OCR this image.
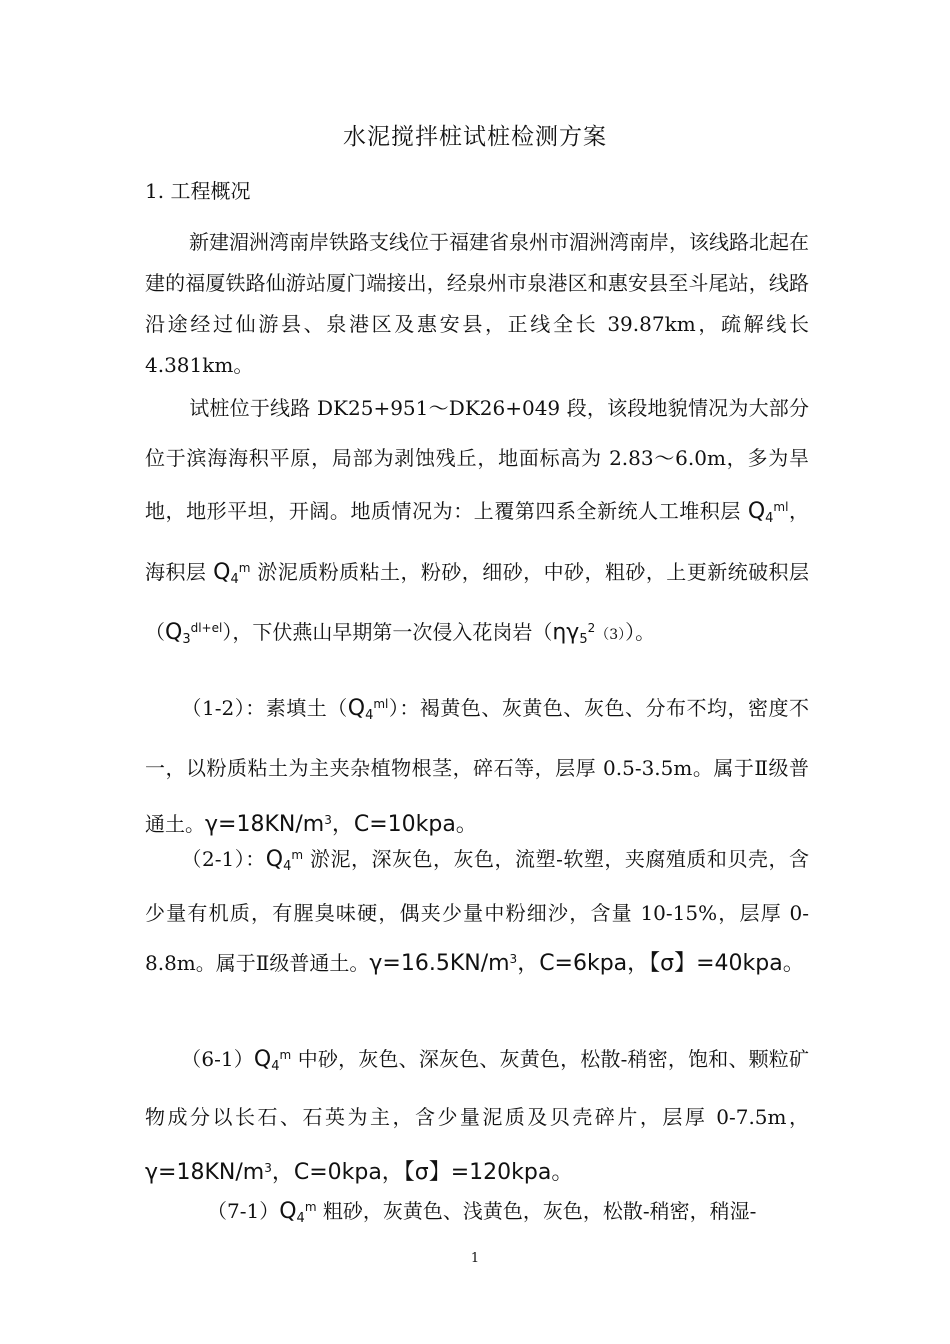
水泥搅拌桩试桩检测方案
1. 工程概况
新建湄洲湾南岸铁路支线位于福建省泉州市湄洲湾南岸，该线路北起在建的福厦铁路仙游站厦门端接出，经泉州市泉港区和惠安县至斗尾站，线路沿途经过仙游县、泉港区及惠安县，正线全长 39.87km，疏解线长 4.381km。
试桩位于线路 DK25+951～DK26+049 段，该段地貌情况为大部分位于滨海海积平原，局部为剥蚀残丘，地面标高为 2.83～6.0m，多为旱地，地形平坦，开阔。地质情况为：上覆第四系全新统人工堆积层 $Q_4^{ml}$，海积层 $Q_4^m$ 淤泥质粉质粘土，粉砂，细砂，中砂，粗砂，上更新统破积层$(Q_3^{dl+el})$，下伏燕山早期第一次侵入花岗岩$(\eta\gamma_5^2(3))$。
（1-2）：素填土$(Q_4^{ml})$：褐黄色、灰黄色、灰色、分布不均，密度不一，以粉质粘土为主夹杂植物根茎，碎石等，层厚 0.5-3.5m。属于Ⅱ级普通土。$\gamma=18KN/m^3$，C=10kpa。
（2-1）：$Q_4^m$ 淤泥，深灰色，灰色，流塑-软塑，夹腐殖质和贝壳，含少量有机质，有腥臭味硬，偶夹少量中粉细沙，含量 10-15%，层厚 0-8.8m。属于Ⅱ级普通土。$\gamma=16.5KN/m^3$，C=6kpa，【σ】=40kpa。
$(6-1)Q_4^m$ 中砂，灰色、深灰色、灰黄色，松散-稍密，饱和、颗粒矿物成分以长石、石英为主，含少量泥质及贝壳碎片，层厚 0-7.5m，$\gamma=18KN/m^3$，C=0kpa，【σ】=120kpa。
$(7-1)Q_4^m$ 粗砂，灰黄色、浅黄色，灰色，松散-稍密，稍湿-
1
